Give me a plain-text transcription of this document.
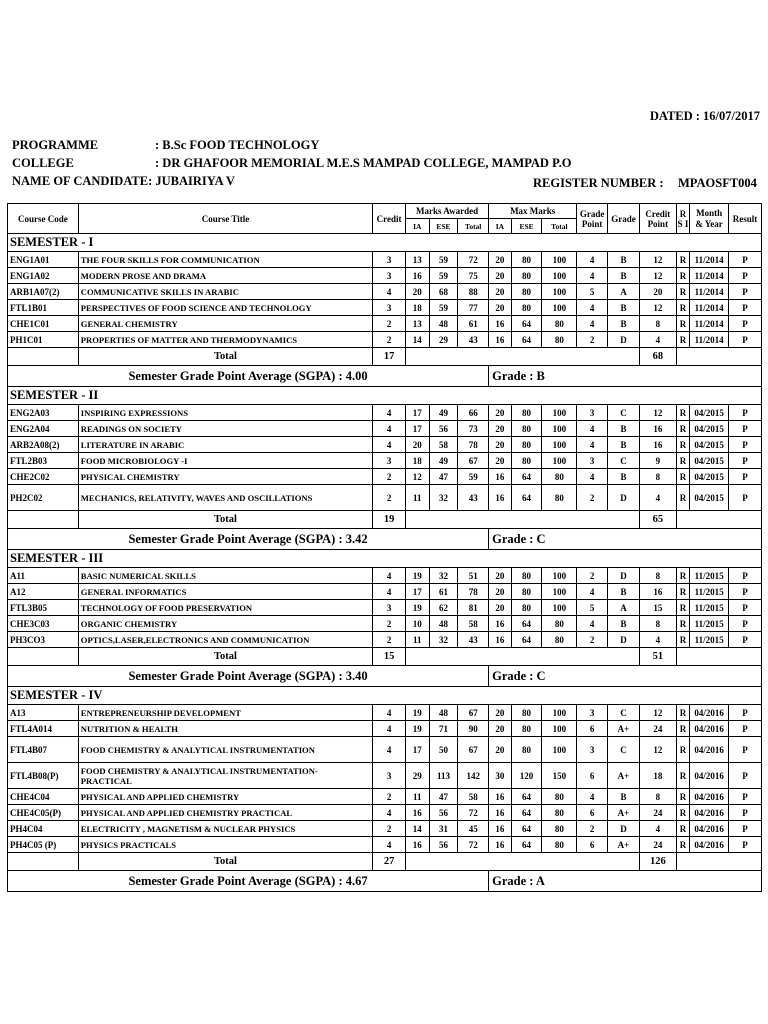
DATED : 16/07/2017
PROGRAMME	: B.Sc FOOD TECHNOLOGY
COLLEGE	: DR GHAFOOR MEMORIAL M.E.S MAMPAD COLLEGE, MAMPAD P.O
NAME OF CANDIDATE: JUBAIRIYA V	REGISTER NUMBER : MPAOSFT004
Course Code	Course Title	Credit	Marks Awarded			Max Marks			Grade Point	Grade	Credit Point	R S I	Month & Year	Result
			IA	ESE	Total	IA	ESE	Total						
SEMESTER - I														
ENG1A01	THE FOUR SKILLS FOR COMMUNICATION	3	13	59	72	20	80	100	4	B	12	R	11/2014	P
ENG1A02	MODERN PROSE AND DRAMA	3	16	59	75	20	80	100	4	B	12	R	11/2014	P
ARB1A07(2)	COMMUNICATIVE SKILLS IN ARABIC	4	20	68	88	20	80	100	5	A	20	R	11/2014	P
FTL1B01	PERSPECTIVES OF FOOD SCIENCE AND TECHNOLOGY	3	18	59	77	20	80	100	4	B	12	R	11/2014	P
CHE1C01	GENERAL CHEMISTRY	2	13	48	61	16	64	80	4	B	8	R	11/2014	P
PH1C01	PROPERTIES OF MATTER AND THERMODYNAMICS	2	14	29	43	16	64	80	2	D	4	R	11/2014	P
	Total	17									68			
Semester Grade Point Average (SGPA) : 4.00						Grade : B								
SEMESTER - II														
ENG2A03	INSPIRING EXPRESSIONS	4	17	49	66	20	80	100	3	C	12	R	04/2015	P
ENG2A04	READINGS ON SOCIETY	4	17	56	73	20	80	100	4	B	16	R	04/2015	P
ARB2A08(2)	LITERATURE IN ARABIC	4	20	58	78	20	80	100	4	B	16	R	04/2015	P
FTL2B03	FOOD MICROBIOLOGY -I	3	18	49	67	20	80	100	3	C	9	R	04/2015	P
CHE2C02	PHYSICAL CHEMISTRY	2	12	47	59	16	64	80	4	B	8	R	04/2015	P
PH2C02	MECHANICS, RELATIVITY, WAVES AND OSCILLATIONS	2	11	32	43	16	64	80	2	D	4	R	04/2015	P
	Total	19									65			
Semester Grade Point Average (SGPA) : 3.42						Grade : C								
SEMESTER - III														
A11	BASIC NUMERICAL SKILLS	4	19	32	51	20	80	100	2	D	8	R	11/2015	P
A12	GENERAL INFORMATICS	4	17	61	78	20	80	100	4	B	16	R	11/2015	P
FTL3B05	TECHNOLOGY OF FOOD PRESERVATION	3	19	62	81	20	80	100	5	A	15	R	11/2015	P
CHE3C03	ORGANIC CHEMISTRY	2	10	48	58	16	64	80	4	B	8	R	11/2015	P
PH3CO3	OPTICS,LASER,ELECTRONICS AND COMMUNICATION	2	11	32	43	16	64	80	2	D	4	R	11/2015	P
	Total	15									51			
Semester Grade Point Average (SGPA) : 3.40						Grade : C								
SEMESTER - IV														
A13	ENTREPRENEURSHIP DEVELOPMENT	4	19	48	67	20	80	100	3	C	12	R	04/2016	P
FTL4A014	NUTRITION & HEALTH	4	19	71	90	20	80	100	6	A+	24	R	04/2016	P
FTL4B07	FOOD CHEMISTRY & ANALYTICAL INSTRUMENTATION	4	17	50	67	20	80	100	3	C	12	R	04/2016	P
FTL4B08(P)	FOOD CHEMISTRY & ANALYTICAL INSTRUMENTATION- PRACTICAL	3	29	113	142	30	120	150	6	A+	18	R	04/2016	P
CHE4C04	PHYSICAL AND APPLIED CHEMISTRY	2	11	47	58	16	64	80	4	B	8	R	04/2016	P
CHE4C05(P)	PHYSICAL AND APPLIED CHEMISTRY PRACTICAL	4	16	56	72	16	64	80	6	A+	24	R	04/2016	P
PH4C04	ELECTRICITY , MAGNETISM & NUCLEAR PHYSICS	2	14	31	45	16	64	80	2	D	4	R	04/2016	P
PH4C05 (P)	PHYSICS PRACTICALS	4	16	56	72	16	64	80	6	A+	24	R	04/2016	P
	Total	27									126			
Semester Grade Point Average (SGPA) : 4.67						Grade : A								
